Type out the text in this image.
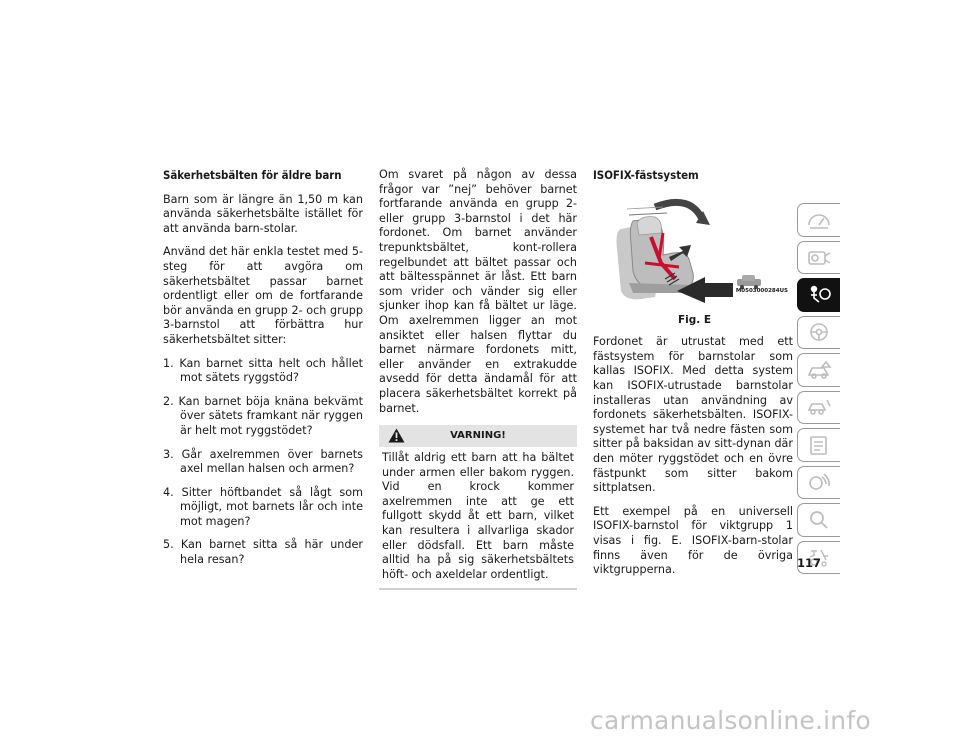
Säkerhetsbälten för äldre barn

Barn som är längre än 1,50 m kan använda säkerhetsbälte istället för att använda barn-stolar.

Använd det här enkla testet med 5-steg för att avgöra om säkerhetsbältet passar barnet ordentligt eller om de fortfarande bör använda en grupp 2- och grupp 3-barnstol att förbättra hur säkerhetsbältet sitter:

1. Kan barnet sitta helt och hållet mot sätets ryggstöd?
2. Kan barnet böja knäna bekvämt över sätets framkant när ryggen är helt mot ryggstödet?
3. Går axelremmen över barnets axel mellan halsen och armen?
4. Sitter höftbandet så lågt som möjligt, mot barnets lår och inte mot magen?
5. Kan barnet sitta så här under hela resan?

Om svaret på någon av dessa frågor var ”nej” behöver barnet fortfarande använda en grupp 2- eller grupp 3-barnstol i det här fordonet. Om barnet använder trepunktsbältet, kont-rollera regelbundet att bältet passar och att bältesspännet är låst. Ett barn som vrider och vänder sig eller sjunker ihop kan få bältet ur läge. Om axelremmen ligger an mot ansiktet eller halsen flyttar du barnet närmare fordonets mitt, eller använder en extrakudde avsedd för detta ändamål för att placera säkerhetsbältet korrekt på barnet.

VARNING!
Tillåt aldrig ett barn att ha bältet under armen eller bakom ryggen. Vid en krock kommer axelremmen inte att ge ett fullgott skydd åt ett barn, vilket kan resultera i allvarliga skador eller dödsfall. Ett barn måste alltid ha på sig säkerhetsbältets höft- och axeldelar ordentligt.
ISOFIX-fästsystem
M0503000284US
Fig. E

Fordonet är utrustat med ett fästsystem för barnstolar som kallas ISOFIX. Med detta system kan ISOFIX-utrustade barnstolar installeras utan användning av fordonets säkerhetsbälten. ISOFIX-systemet har två nedre fästen som sitter på baksidan av sitt-dynan där den möter ryggstödet och en övre fästpunkt som sitter bakom sittplatsen.

Ett exempel på en universell ISOFIX-barnstol för viktgrupp 1 visas i fig. E. ISOFIX-barn-stolar finns även för de övriga viktgrupperna.	117
carmanualsonline.info
